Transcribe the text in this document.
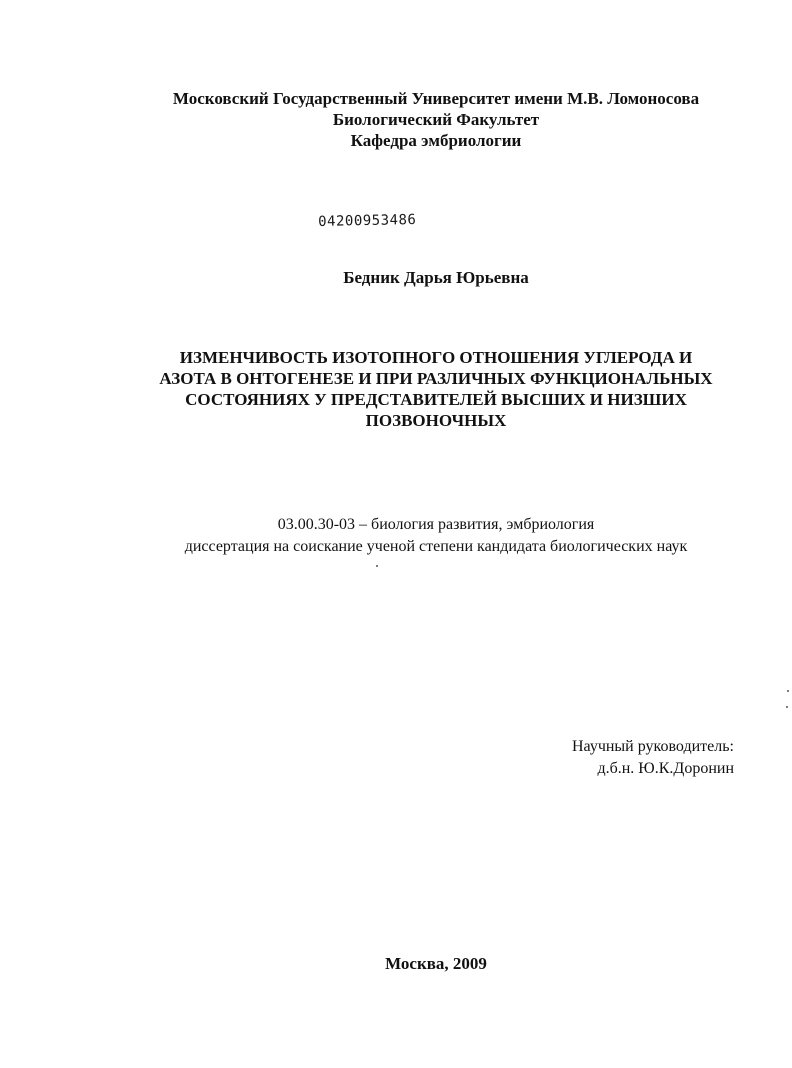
Московский Государственный Университет имени М.В. Ломоносова
Биологический Факультет
Кафедра эмбриологии
04200953486
Бедник Дарья Юрьевна
ИЗМЕНЧИВОСТЬ ИЗОТОПНОГО ОТНОШЕНИЯ УГЛЕРОДА И
АЗОТА В ОНТОГЕНЕЗЕ И ПРИ РАЗЛИЧНЫХ ФУНКЦИОНАЛЬНЫХ
СОСТОЯНИЯХ У ПРЕДСТАВИТЕЛЕЙ ВЫСШИХ И НИЗШИХ
ПОЗВОНОЧНЫХ
03.00.30-03 – биология развития, эмбриология
диссертация на соискание ученой степени кандидата биологических наук
Научный руководитель:
д.б.н. Ю.К.Доронин
Москва, 2009
